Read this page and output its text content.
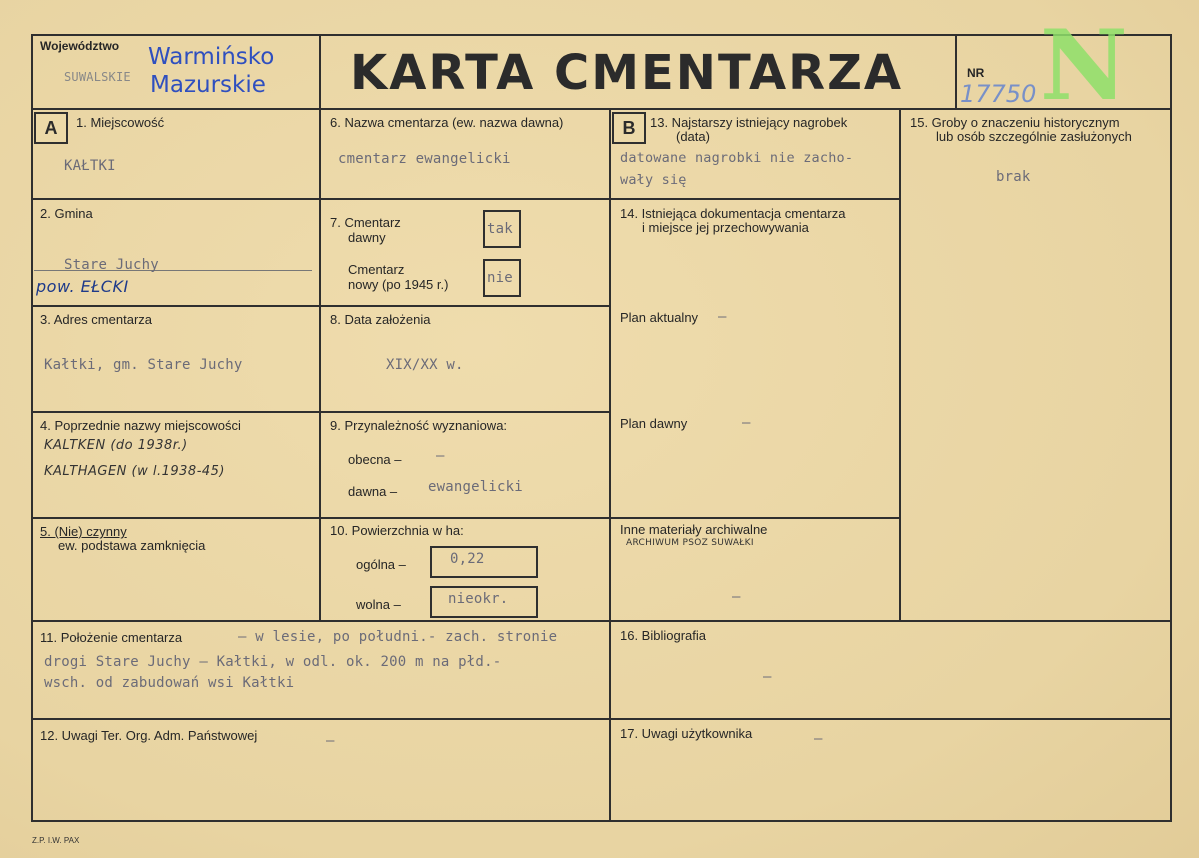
Województwo
SUWALSKIE
Warmińsko
Mazurskie KARTA CMENTARZA	NR
17750 N
A	B
1. Miejscowość
KAŁTKI
2. Gmina
Stare Juchy
pow. EŁCKI
3. Adres cmentarza
Kałtki, gm. Stare Juchy
4. Poprzednie nazwy miejscowości
KALTKEN (do 1938r.)
KALTHAGEN (w l.1938-45)
5. (Nie) czynny
ew. podstawa zamknięcia
6. Nazwa cmentarza (ew. nazwa dawna)
cmentarz ewangelicki
7. Cmentarz
dawny
tak
Cmentarz
nowy (po 1945 r.)	nie
8. Data założenia
XIX/XX w.
9. Przynależność wyznaniowa:
obecna – –
dawna – ewangelicki
10. Powierzchnia w ha:
ogólna –	0,22
wolna –	nieokr.
13. Najstarszy istniejący nagrobek
(data)
datowane nagrobki nie zacho-
wały się
14. Istniejąca dokumentacja cmentarza
i miejsce jej przechowywania
Plan aktualny –
Plan dawny	–
Inne materiały archiwalne
ARCHIWUM PSOZ SUWAŁKI
–
15. Groby o znaczeniu historycznym
lub osób szczególnie zasłużonych
brak
11. Położenie cmentarza	– w lesie, po południ.- zach. stronie
drogi Stare Juchy – Kałtki, w odl. ok. 200 m na płd.-
wsch. od zabudowań wsi Kałtki
16. Bibliografia
–
12. Uwagi Ter. Org. Adm. Państwowej	–	17. Uwagi użytkownika	–
Z.P. I.W. PAX
